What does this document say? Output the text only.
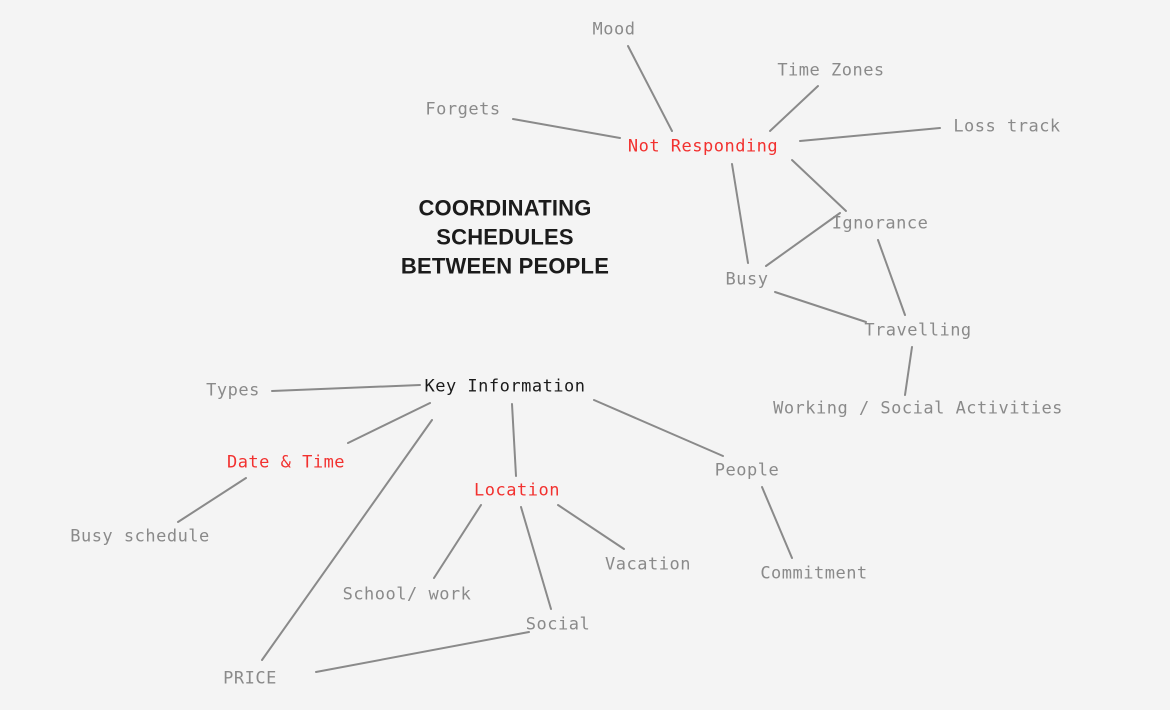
Mood
Time Zones
Forgets
Loss track
Not Responding
Ignorance
Busy
Travelling
Key Information
Types
Working / Social Activities
Date & Time	People
Location
Busy schedule
Vacation	Commitment
School/ work
Social
PRICE
COORDINATING
SCHEDULES
BETWEEN PEOPLE
